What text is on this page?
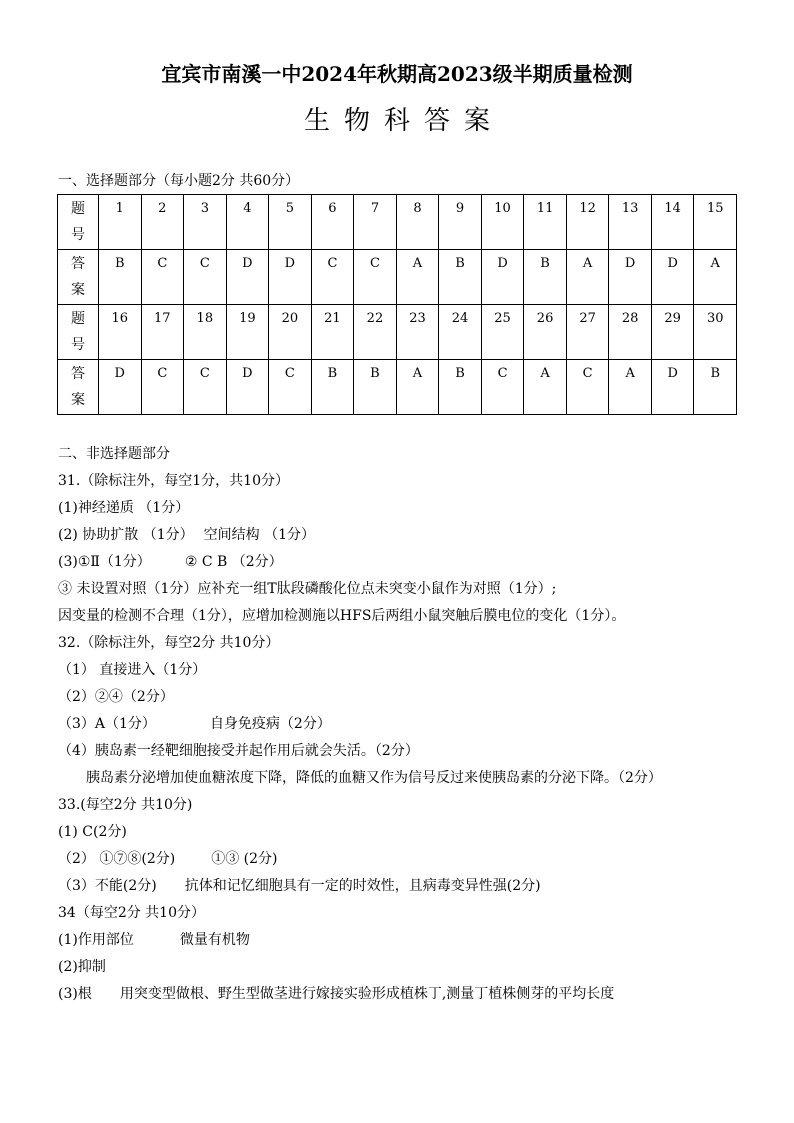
宜宾市南溪一中2024年秋期高2023级半期质量检测
生物科答案
一、选择题部分（每小题2分 共60分）
题
号	1	2	3	4	5	6	7	8	9	10	11	12	13	14	15

答
案	B	C	C	D	D	C	C	A	B	D	B	A	D	D	A

题
号	16	17	18	19	20	21	22	23	24	25	26	27	28	29	30

答
案	D	C	C	D	C	B	B	A	B	C	A	C	A	D	B
二、非选择题部分
31.（除标注外，每空1分，共10分）
(1)神经递质 （1分）
(2) 协助扩散 （1分） 空间结构 （1分）
(3)①Ⅱ（1分） ② C B （2分）
③ 未设置对照（1分）应补充一组T肽段磷酸化位点未突变小鼠作为对照（1分）;
因变量的检测不合理（1分），应增加检测施以HFS后两组小鼠突触后膜电位的变化（1分）。
32.（除标注外，每空2分 共10分）
（1） 直接进入（1分）
（2）②④（2分）
（3）A（1分）	自身免疫病（2分）
（4）胰岛素一经靶细胞接受并起作用后就会失活。（2分）
胰岛素分泌增加使血糖浓度下降，降低的血糖又作为信号反过来使胰岛素的分泌下降。（2分）
33.(每空2分 共10分)
(1) C(2分)
（2） ①⑦⑧(2分)	①③ (2分)
（3）不能(2分) 抗体和记忆细胞具有一定的时效性，且病毒变异性强(2分)
34（每空2分 共10分）
(1)作用部位	微量有机物
(2)抑制
(3)根 用突变型做根、野生型做茎进行嫁接实验形成植株丁,测量丁植株侧芽的平均长度
